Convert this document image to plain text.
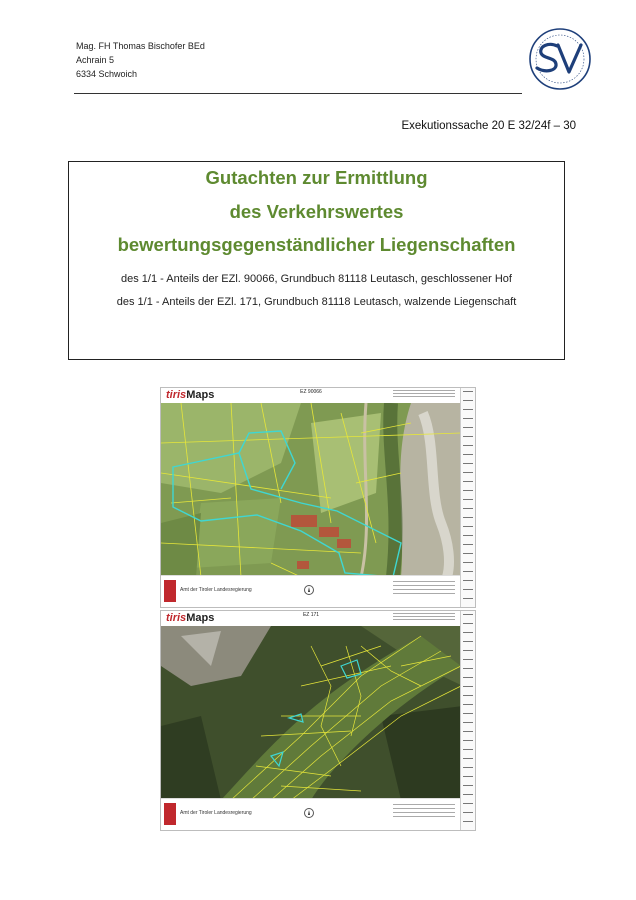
Mag. FH Thomas Bischofer BEd
Achrain 5
6334 Schwoich
Exekutionssache 20 E 32/24f – 30
Gutachten zur Ermittlung
des Verkehrswertes
bewertungsgegenständlicher Liegenschaften
des 1/1 - Anteils der EZl. 90066, Grundbuch 81118 Leutasch, geschlossener Hof
des 1/1 - Anteils der EZl. 171, Grundbuch 81118 Leutasch, walzende Liegenschaft
tirisMaps	EZ 90066
Amt der Tiroler Landesregierung
tirisMaps	EZ 171
Amt der Tiroler Landesregierung
